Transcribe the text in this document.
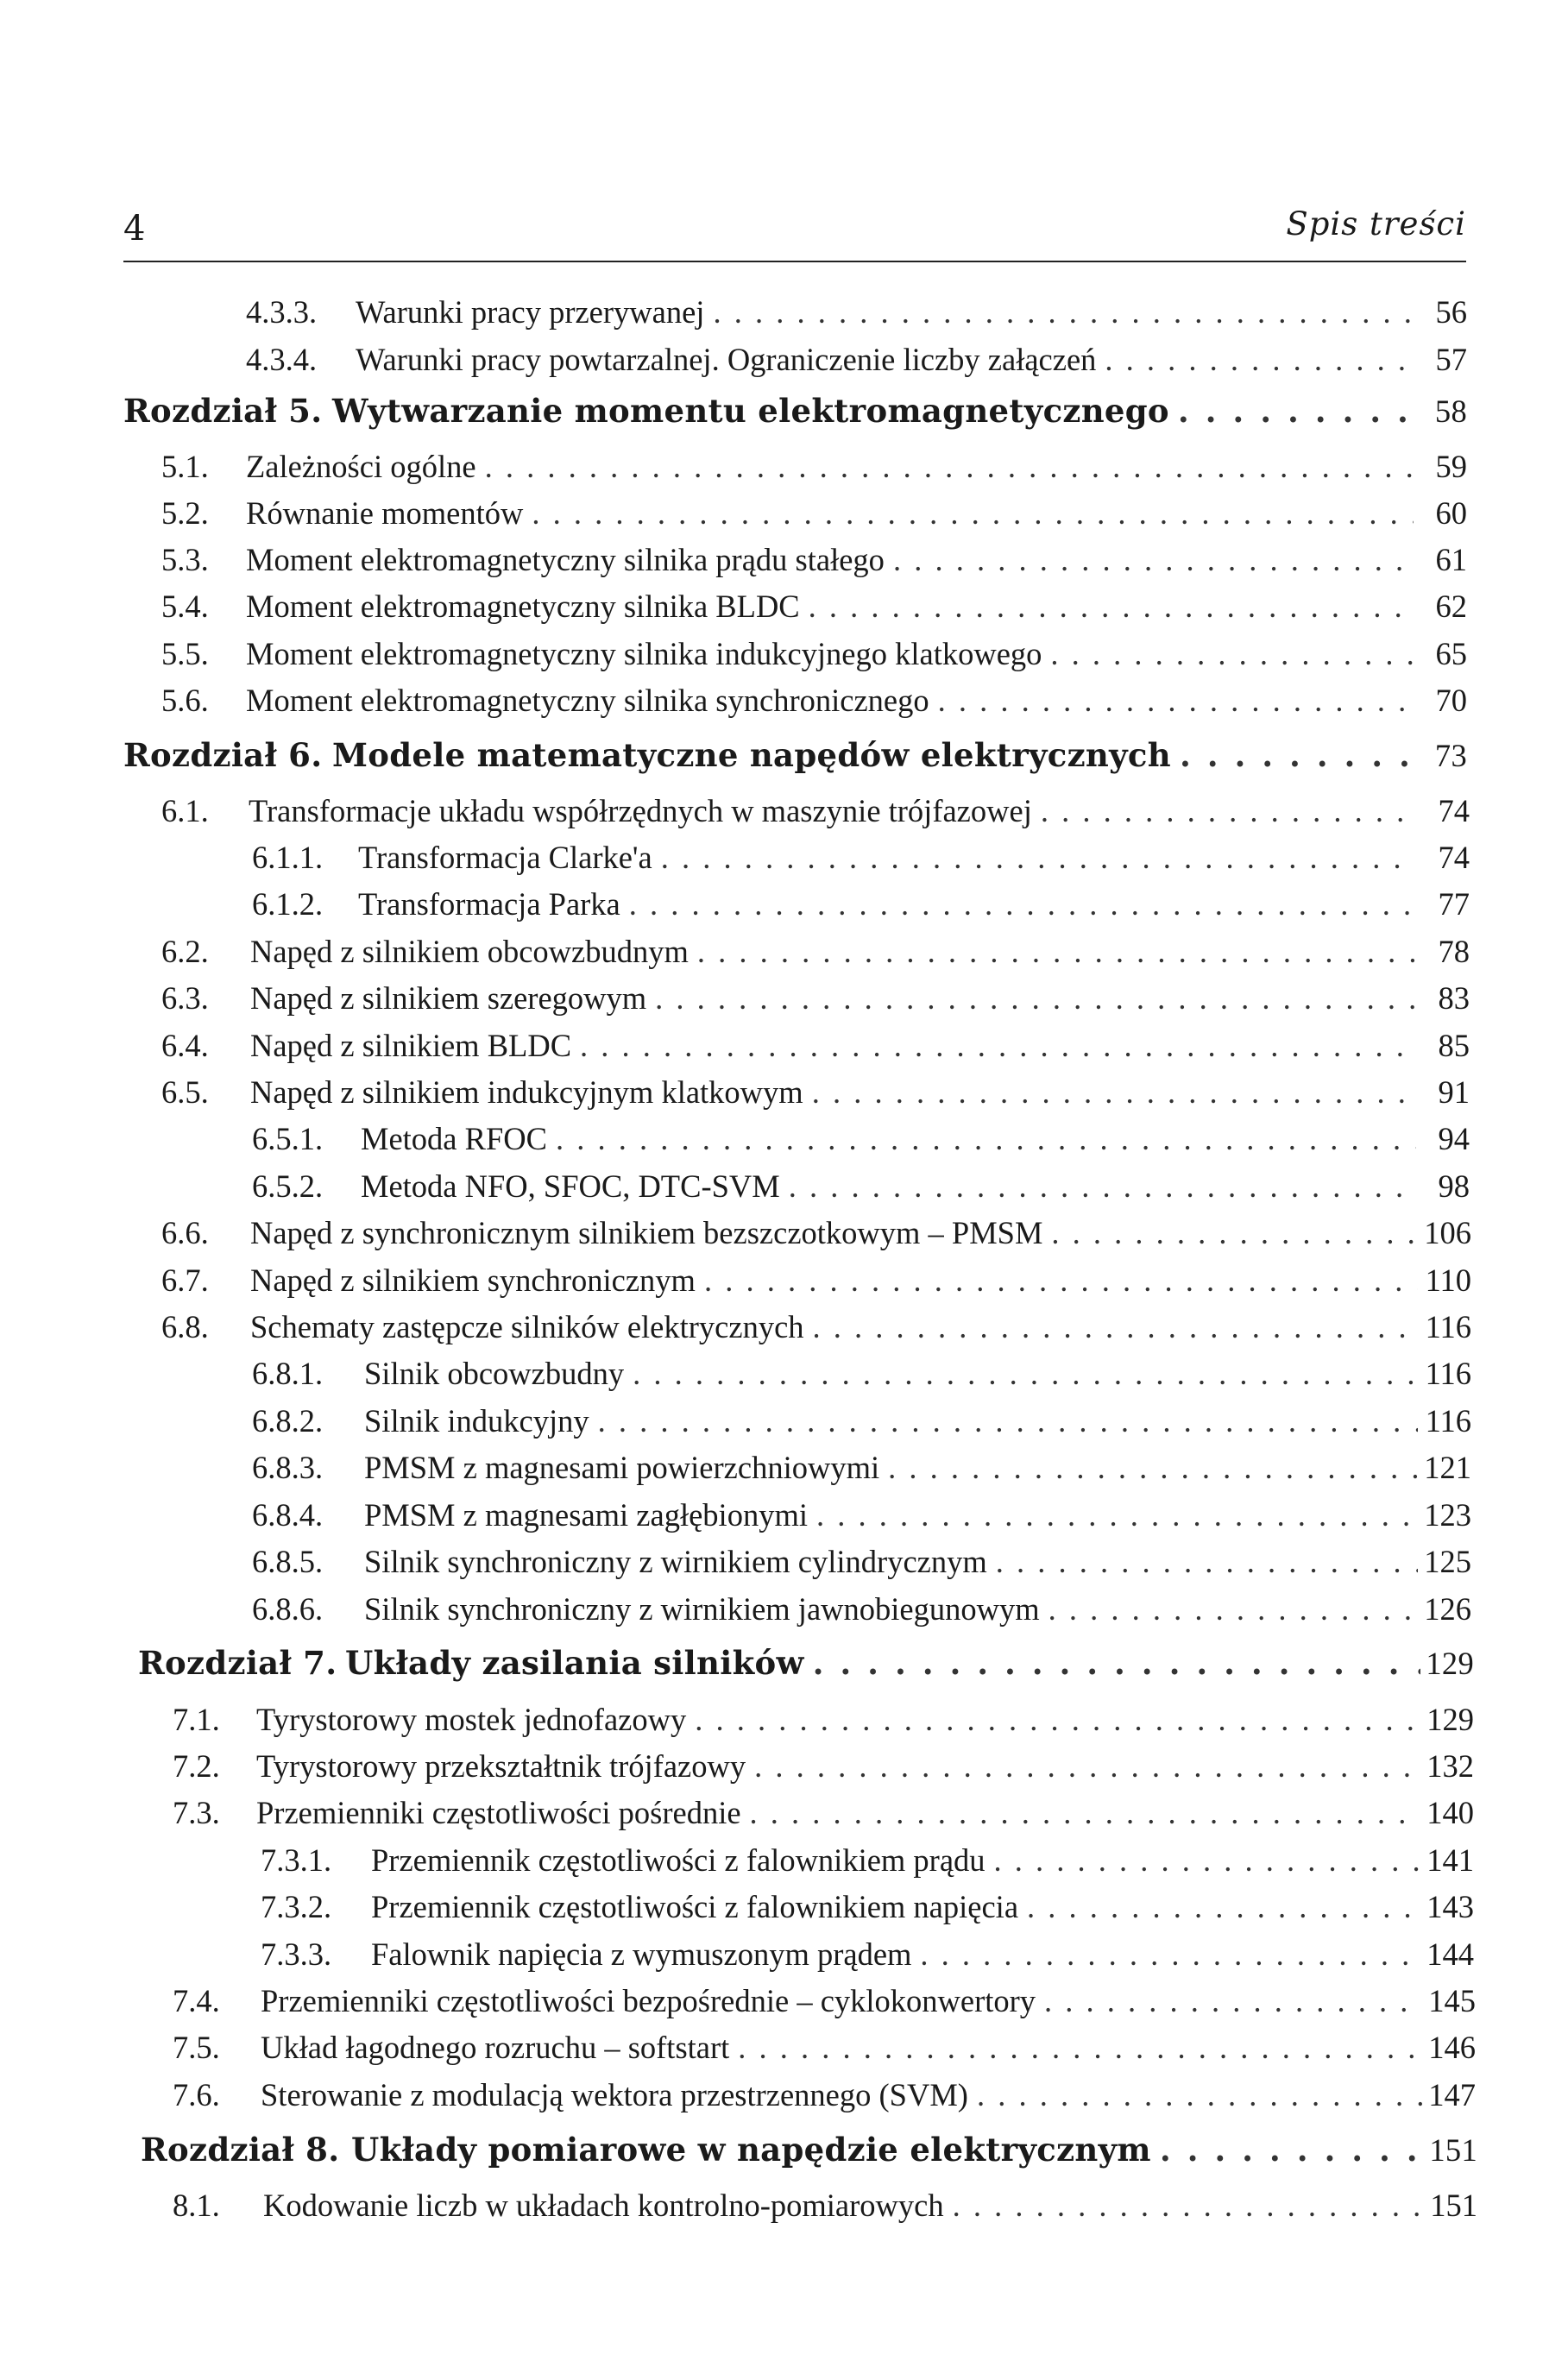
4	Spis treści
4.3.3.	Warunki pracy przerywanej . . .	56
4.3.4.	Warunki pracy powtarzalnej. Ograniczenie liczby załączeń . . .	57
Rozdział 5. Wytwarzanie momentu elektromagnetycznego . . .	58
5.1.	Zależności ogólne . . .	59
5.2.	Równanie momentów . . .	60
5.3.	Moment elektromagnetyczny silnika prądu stałego . . .	61
5.4.	Moment elektromagnetyczny silnika BLDC . . .	62
5.5.	Moment elektromagnetyczny silnika indukcyjnego klatkowego . . .	65
5.6.	Moment elektromagnetyczny silnika synchronicznego . . .	70
Rozdział 6. Modele matematyczne napędów elektrycznych . . .	73
6.1.	Transformacje układu współrzędnych w maszynie trójfazowej . . .	74
6.1.1.	Transformacja Clarke'a . . .	74
6.1.2.	Transformacja Parka . . .	77
6.2.	Napęd z silnikiem obcowzbudnym . . .	78
6.3.	Napęd z silnikiem szeregowym . . .	83
6.4.	Napęd z silnikiem BLDC . . .	85
6.5.	Napęd z silnikiem indukcyjnym klatkowym . . .	91
6.5.1.	Metoda RFOC . . .	94
6.5.2.	Metoda NFO, SFOC, DTC-SVM . . .	98
6.6.	Napęd z synchronicznym silnikiem bezszczotkowym – PMSM . . .	106
6.7.	Napęd z silnikiem synchronicznym . . .	110
6.8.	Schematy zastępcze silników elektrycznych . . .	116
6.8.1.	Silnik obcowzbudny . . .	116
6.8.2.	Silnik indukcyjny . . .	116
6.8.3.	PMSM z magnesami powierzchniowymi . . .	121
6.8.4.	PMSM z magnesami zagłębionymi . . .	123
6.8.5.	Silnik synchroniczny z wirnikiem cylindrycznym . . .	125
6.8.6.	Silnik synchroniczny z wirnikiem jawnobiegunowym . . .	126
Rozdział 7. Układy zasilania silników . . .	129
7.1.	Tyrystorowy mostek jednofazowy . . .	129
7.2.	Tyrystorowy przekształtnik trójfazowy . . .	132
7.3.	Przemienniki częstotliwości pośrednie . . .	140
7.3.1.	Przemiennik częstotliwości z falownikiem prądu . . .	141
7.3.2.	Przemiennik częstotliwości z falownikiem napięcia . . .	143
7.3.3.	Falownik napięcia z wymuszonym prądem . . .	144
7.4.	Przemienniki częstotliwości bezpośrednie – cyklokonwertory . . .	145
7.5.	Układ łagodnego rozruchu – softstart . . .	146
7.6.	Sterowanie z modulacją wektora przestrzennego (SVM) . . .	147
Rozdział 8. Układy pomiarowe w napędzie elektrycznym . . .	151
8.1.	Kodowanie liczb w układach kontrolno-pomiarowych . . .	151
